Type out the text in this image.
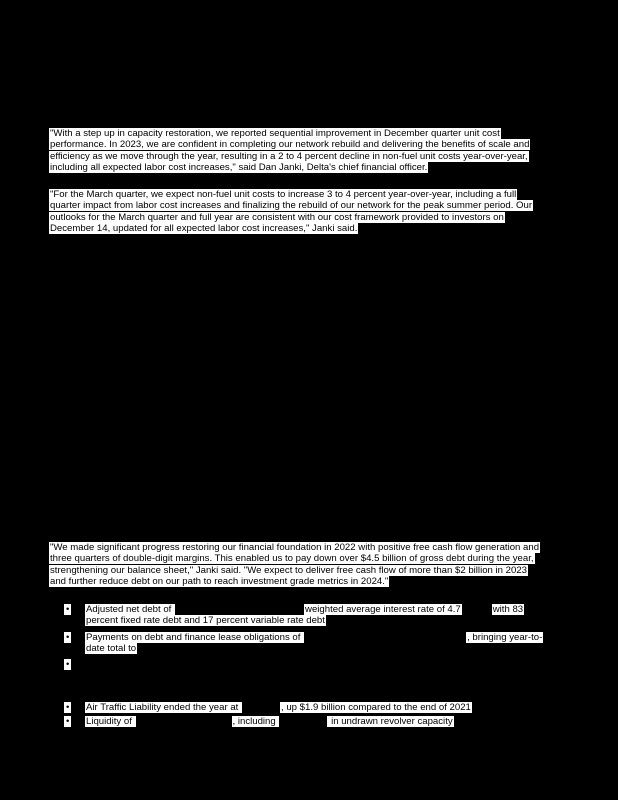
"With a step up in capacity restoration, we reported sequential improvement in December quarter unit cost
performance. In 2023, we are confident in completing our network rebuild and delivering the benefits of scale and
efficiency as we move through the year, resulting in a 2 to 4 percent decline in non-fuel unit costs year-over-year,
including all expected labor cost increases," said Dan Janki, Delta's chief financial officer.
"For the March quarter, we expect non-fuel unit costs to increase 3 to 4 percent year-over-year, including a full
quarter impact from labor cost increases and finalizing the rebuild of our network for the peak summer period. Our
outlooks for the March quarter and full year are consistent with our cost framework provided to investors on
December 14, updated for all expected labor cost increases," Janki said.
"We made significant progress restoring our financial foundation in 2022 with positive free cash flow generation and
three quarters of double-digit margins. This enabled us to pay down over $4.5 billion of gross debt during the year,
strengthening our balance sheet," Janki said. "We expect to deliver free cash flow of more than $2 billion in 2023
and further reduce debt on our path to reach investment grade metrics in 2024."
• Adjusted net debt of	weighted average interest rate of 4.7	with 83
percent fixed rate debt and 17 percent variable rate debt
• Payments on debt and finance lease obligations of	, bringing year-to-
date total to
•
• Air Traffic Liability ended the year at	, up $1.9 billion compared to the end of 2021
• Liquidity of	, including	in undrawn revolver capacity
